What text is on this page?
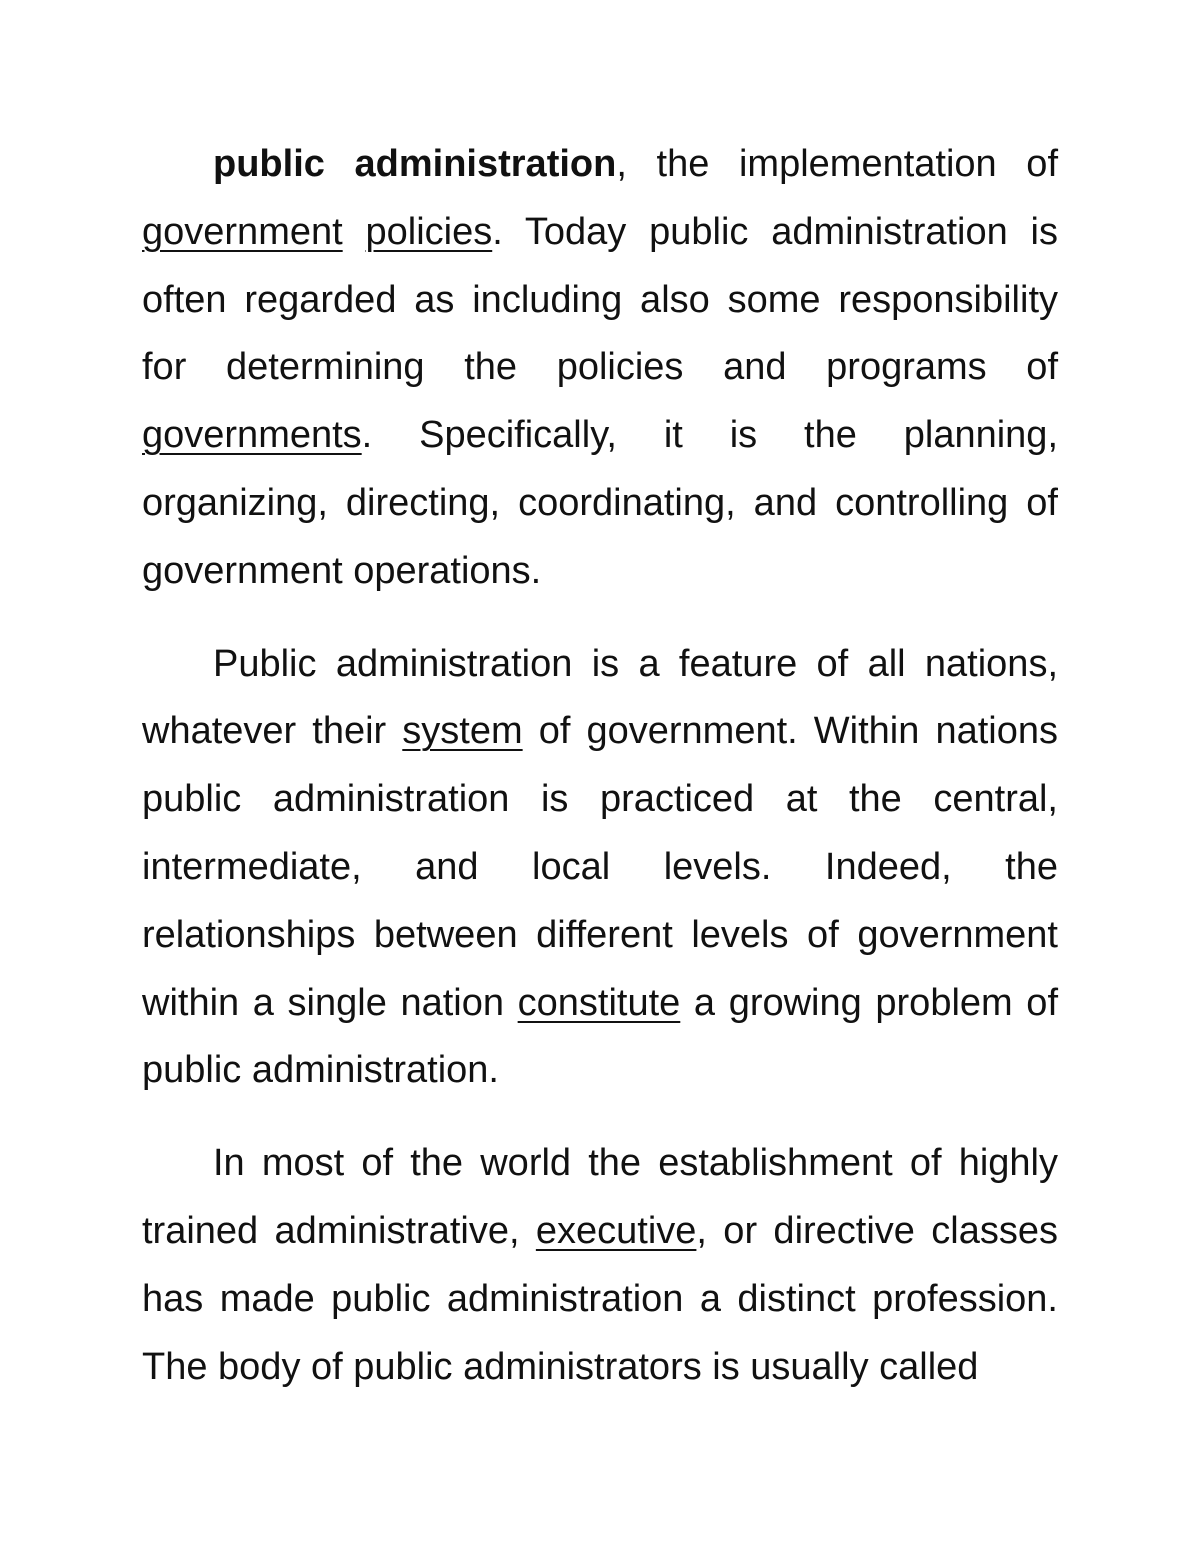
public administration, the implementation of government policies. Today public administration is often regarded as including also some responsibility for determining the policies and programs of governments. Specifically, it is the planning, organizing, directing, coordinating, and controlling of government operations.

Public administration is a feature of all nations, whatever their system of government. Within nations public administration is practiced at the central, intermediate, and local levels. Indeed, the relationships between different levels of government within a single nation constitute a growing problem of public administration.

In most of the world the establishment of highly trained administrative, executive, or directive classes has made public administration a distinct profession. The body of public administrators is usually called
